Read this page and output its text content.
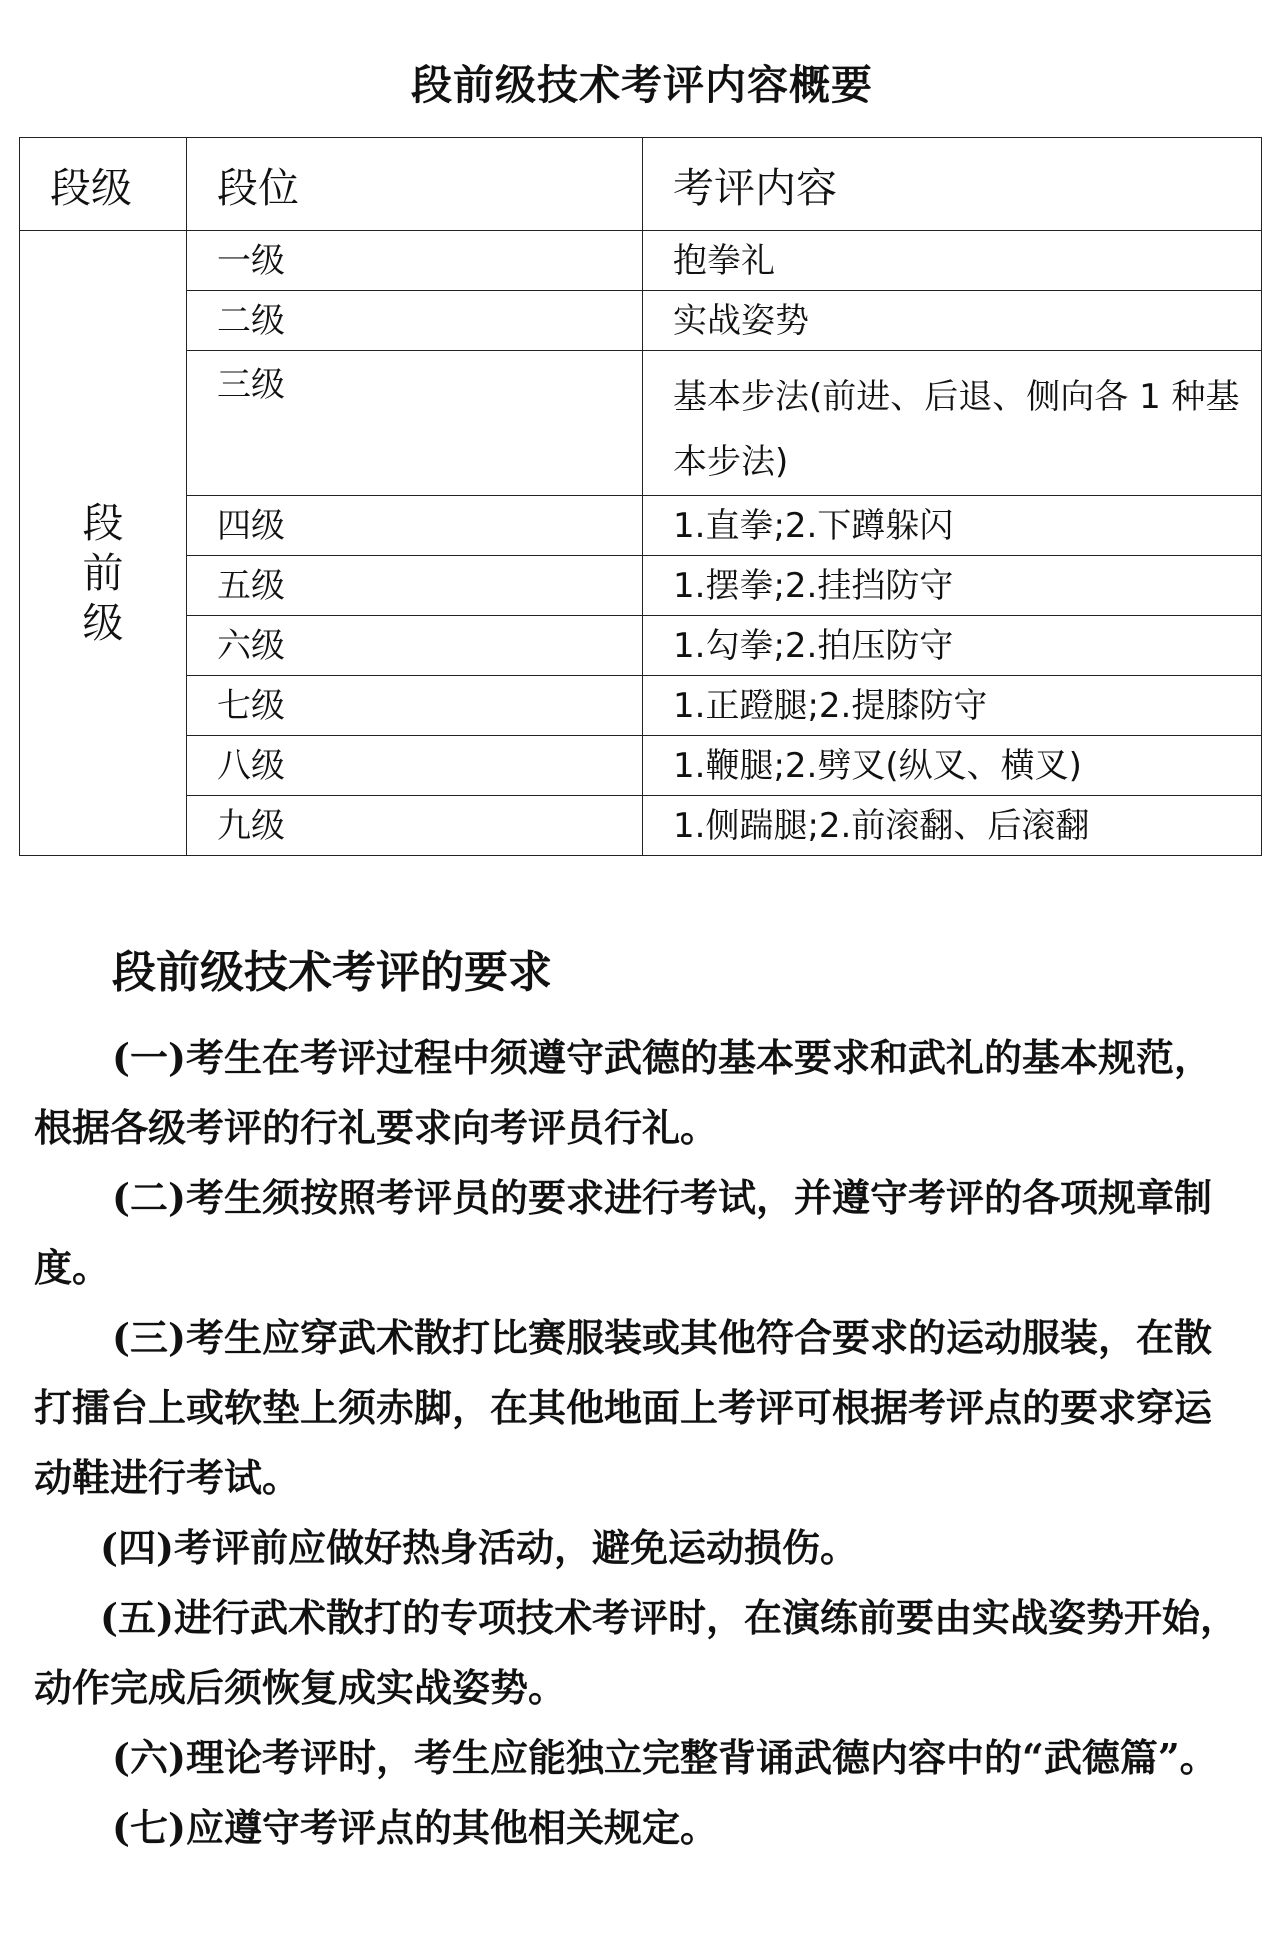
段前级技术考评内容概要
段级	段位	考评内容

段前级	一级	抱拳礼
	二级	实战姿势
	三级	基本步法(前进、后退、侧向各 1 种基本步法)
	四级	1.直拳;2.下蹲躲闪
	五级	1.摆拳;2.挂挡防守
	六级	1.勾拳;2.拍压防守
	七级	1.正蹬腿;2.提膝防守
	八级	1.鞭腿;2.劈叉(纵叉、横叉)
	九级	1.侧踹腿;2.前滚翻、后滚翻
段前级技术考评的要求

(一)考生在考评过程中须遵守武德的基本要求和武礼的基本规范，根据各级考评的行礼要求向考评员行礼。

(二)考生须按照考评员的要求进行考试，并遵守考评的各项规章制度。

(三)考生应穿武术散打比赛服装或其他符合要求的运动服装，在散打擂台上或软垫上须赤脚，在其他地面上考评可根据考评点的要求穿运动鞋进行考试。

(四)考评前应做好热身活动，避免运动损伤。

(五)进行武术散打的专项技术考评时，在演练前要由实战姿势开始，动作完成后须恢复成实战姿势。

(六)理论考评时，考生应能独立完整背诵武德内容中的“武德篇”。

(七)应遵守考评点的其他相关规定。
